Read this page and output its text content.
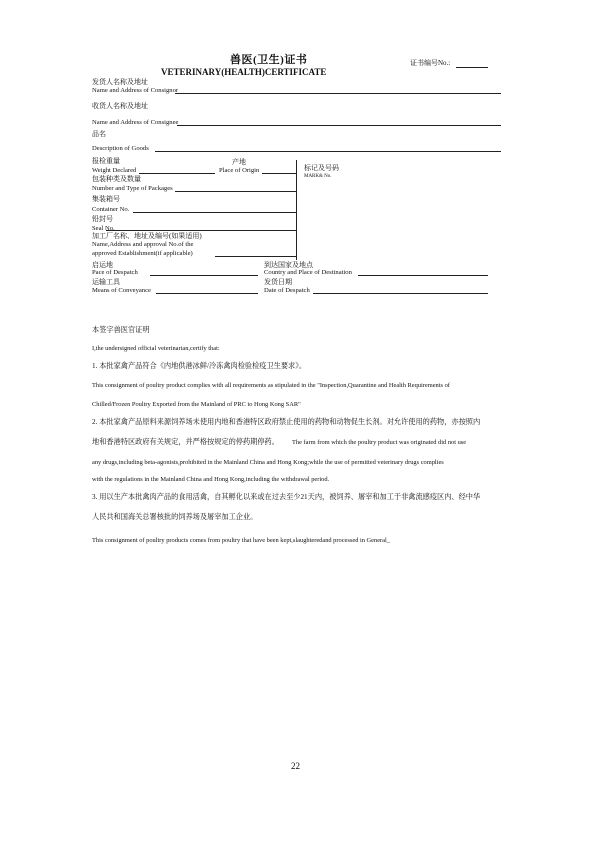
兽医(卫生)证书
VETERINARY(HEALTH)CERTIFICATE
证书编号No.:
发货人名称及地址
Name and Address of Consignor
收货人名称及地址
Name and Address of Consignee
品名
Description of Goods
报检重量
Weight Declared
产地
Place of Origin	标记及号码
MARK& No.
包装种类及数量
Number and Type of Packages
集装箱号
Container No.
铅封号
Seal No.
加工厂名称、地址及编号(如果适用)
Name,Address and approval No.of the
approved Establishment(if applicable)
启运地
Pace of Despatch
到达国家及地点
Country and Place of Destination
运输工具
Means of Conveyance
发货日期
Date of Despatch
本签字兽医官证明
I,the undersigned official veterinarian,certify that:
1. 本批家禽产品符合《内地供港冰鲜/冷冻禽肉检验检疫卫生要求》。
This consignment of poultry product complies with all requirements as stipulated in the "Inspection,Quarantine and Health Requirements of
Chilled/Frozen Poultry Exported from the Mainland of PRC to Hong Kong SAR"
2. 本批家禽产品原料来源饲养场未使用内地和香港特区政府禁止使用的药物和动物促生长剂。对允许使用的药物，亦按照内
地和香港特区政府有关规定，并严格按规定的停药期停药。 The farm from which the poultry product was originated did not use
any drugs,including beta-agonists,prohibited in the Mainland China and Hong Kong;while the use of permitted veterinary drugs complies
with the regulations in the Mainland China and Hong Kong,including the withdrawal period.
3. 用以生产本批禽肉产品的食用活禽，自其孵化以来或在过去至少21天内，被饲养、屠宰和加工于非禽流感疫区内、经中华
人民共和国海关总署核批的饲养场及屠宰加工企业。
This consignment of poultry products comes from poultry that have been kept,slaughteredand processed in General_
22
